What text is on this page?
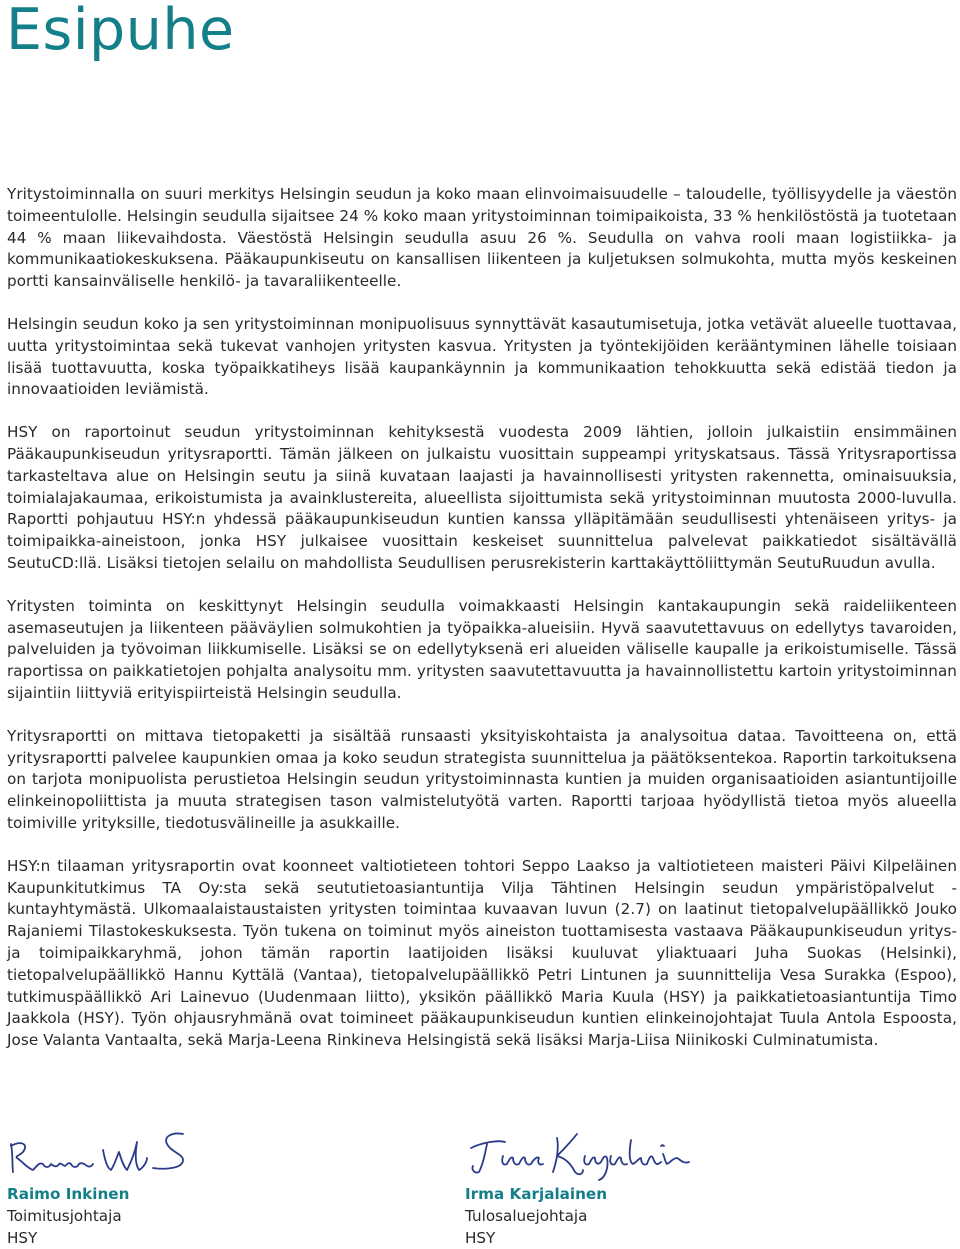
Esipuhe

Yritystoiminnalla on suuri merkitys Helsingin seudun ja koko maan elinvoimaisuudelle – taloudelle, työllisyydelle ja väestön toimeentulolle. Helsingin seudulla sijaitsee 24 % koko maan yritystoiminnan toimipaikoista, 33 % henkilöstöstä ja tuotetaan 44 % maan liikevaihdosta. Väestöstä Helsingin seudulla asuu 26 %. Seudulla on vahva rooli maan logistiikka- ja kommunikaatiokeskuksena. Pääkaupunkiseutu on kansallisen liikenteen ja kuljetuksen solmukohta, mutta myös keskeinen portti kansainväliselle henkilö- ja tavaraliikenteelle.

Helsingin seudun koko ja sen yritystoiminnan monipuolisuus synnyttävät kasautumisetuja, jotka vetävät alueelle tuottavaa, uutta yritystoimintaa sekä tukevat vanhojen yritysten kasvua. Yritysten ja työntekijöiden kerääntyminen lähelle toisiaan lisää tuottavuutta, koska työpaikkatiheys lisää kaupankäynnin ja kommunikaation tehokkuutta sekä edistää tiedon ja innovaatioiden leviämistä.

HSY on raportoinut seudun yritystoiminnan kehityksestä vuodesta 2009 lähtien, jolloin julkaistiin ensimmäinen Pääkaupunkiseudun yritysraportti. Tämän jälkeen on julkaistu vuosittain suppeampi yrityskatsaus. Tässä Yritysraportissa tarkasteltava alue on Helsingin seutu ja siinä kuvataan laajasti ja havainnollisesti yritysten rakennetta, ominaisuuksia, toimialajakaumaa, erikoistumista ja avainklustereita, alueellista sijoittumista sekä yritystoiminnan muutosta 2000-luvulla. Raportti pohjautuu HSY:n yhdessä pääkaupunkiseudun kuntien kanssa ylläpitämään seudullisesti yhtenäiseen yritys- ja toimipaikka-aineistoon, jonka HSY julkaisee vuosittain keskeiset suunnittelua palvelevat paikkatiedot sisältävällä SeutuCD:llä. Lisäksi tietojen selailu on mahdollista Seudullisen perusrekisterin karttakäyttöliittymän SeutuRuudun avulla.

Yritysten toiminta on keskittynyt Helsingin seudulla voimakkaasti Helsingin kantakaupungin sekä raideliikenteen asemaseutujen ja liikenteen pääväylien solmukohtien ja työpaikka-alueisiin. Hyvä saavutettavuus on edellytys tavaroiden, palveluiden ja työvoiman liikkumiselle. Lisäksi se on edellytyksenä eri alueiden väliselle kaupalle ja erikoistumiselle. Tässä raportissa on paikkatietojen pohjalta analysoitu mm. yritysten saavutettavuutta ja havainnollistettu kartoin yritystoiminnan sijaintiin liittyviä erityispiirteistä Helsingin seudulla.

Yritysraportti on mittava tietopaketti ja sisältää runsaasti yksityiskohtaista ja analysoitua dataa. Tavoitteena on, että yritysraportti palvelee kaupunkien omaa ja koko seudun strategista suunnittelua ja päätöksentekoa. Raportin tarkoituksena on tarjota monipuolista perustietoa Helsingin seudun yritystoiminnasta kuntien ja muiden organisaatioiden asiantuntijoille elinkeinopoliittista ja muuta strategisen tason valmistelutyötä varten. Raportti tarjoaa hyödyllistä tietoa myös alueella toimiville yrityksille, tiedotusvälineille ja asukkaille.

HSY:n tilaaman yritysraportin ovat koonneet valtiotieteen tohtori Seppo Laakso ja valtiotieteen maisteri Päivi Kilpeläinen Kaupunkitutkimus TA Oy:sta sekä seututietoasiantuntija Vilja Tähtinen Helsingin seudun ympäristöpalvelut -kuntayhtymästä. Ulkomaalaistaustaisten yritysten toimintaa kuvaavan luvun (2.7) on laatinut tietopalvelupäällikkö Jouko Rajaniemi Tilastokeskuksesta. Työn tukena on toiminut myös aineiston tuottamisesta vastaava Pääkaupunkiseudun yritys- ja toimipaikkaryhmä, johon tämän raportin laatijoiden lisäksi kuuluvat yliaktuaari Juha Suokas (Helsinki), tietopalvelupäällikkö Hannu Kyttälä (Vantaa), tietopalvelupäällikkö Petri Lintunen ja suunnittelija Vesa Surakka (Espoo), tutkimuspäällikkö Ari Lainevuo (Uudenmaan liitto), yksikön päällikkö Maria Kuula (HSY) ja paikkatietoasiantuntija Timo Jaakkola (HSY). Työn ohjausryhmänä ovat toimineet pääkaupunkiseudun kuntien elinkeinojohtajat Tuula Antola Espoosta, Jose Valanta Vantaalta, sekä Marja-Leena Rinkineva Helsingistä sekä lisäksi Marja-Liisa Niinikoski Culminatumista.

Raimo Inkinen
Toimitusjohtaja
HSY
Irma Karjalainen
Tulosaluejohtaja
HSY
